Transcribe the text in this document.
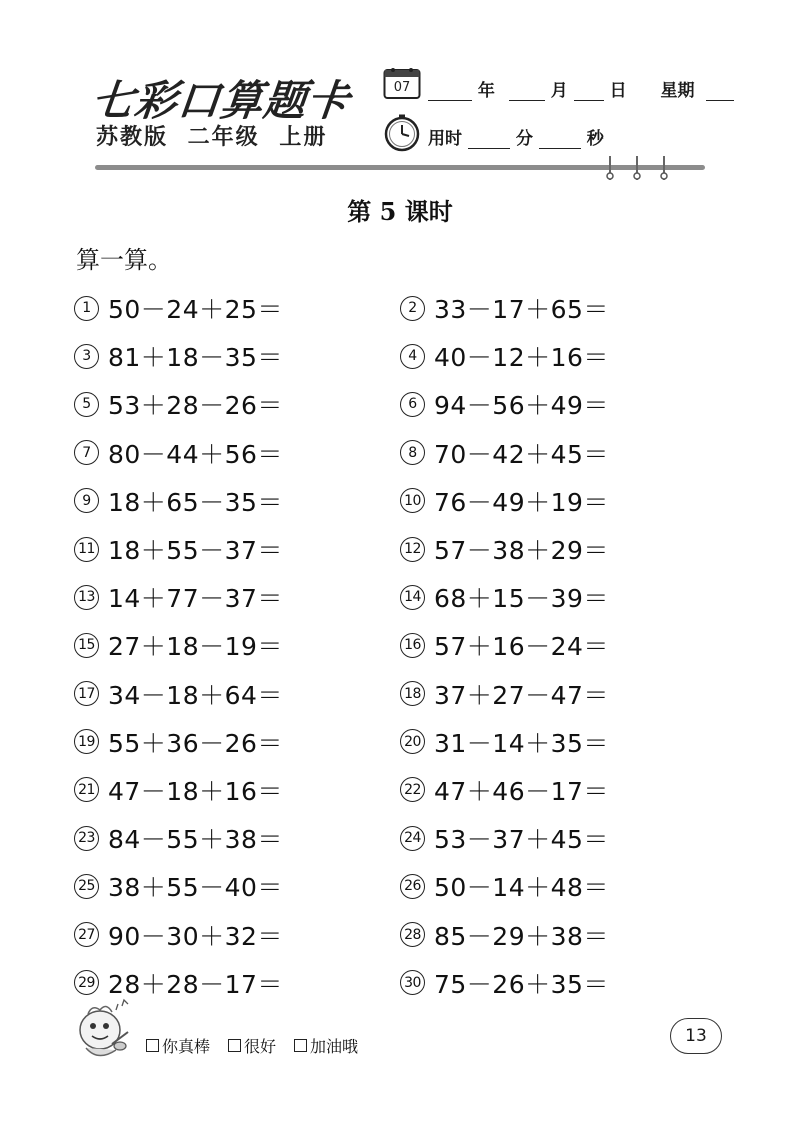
七彩口算题卡
苏教版 二年级 上册
07	年	月 日 星期
用时	分	秒
第 5 课时
算一算。
1 50－24＋25＝	2 33－17＋65＝
3 81＋18－35＝	4 40－12＋16＝
5 53＋28－26＝	6 94－56＋49＝
7 80－44＋56＝	8 70－42＋45＝
9 18＋65－35＝	10 76－49＋19＝
11 18＋55－37＝	12 57－38＋29＝
13 14＋77－37＝	14 68＋15－39＝
15 27＋18－19＝	16 57＋16－24＝
17 34－18＋64＝	18 37＋27－47＝
19 55＋36－26＝	20 31－14＋35＝
21 47－18＋16＝	22 47＋46－17＝
23 84－55＋38＝	24 53－37＋45＝
25 38＋55－40＝	26 50－14＋48＝
27 90－30＋32＝	28 85－29＋38＝
29 28＋28－17＝	30 75－26＋35＝
你真棒 很好 加油哦
13
